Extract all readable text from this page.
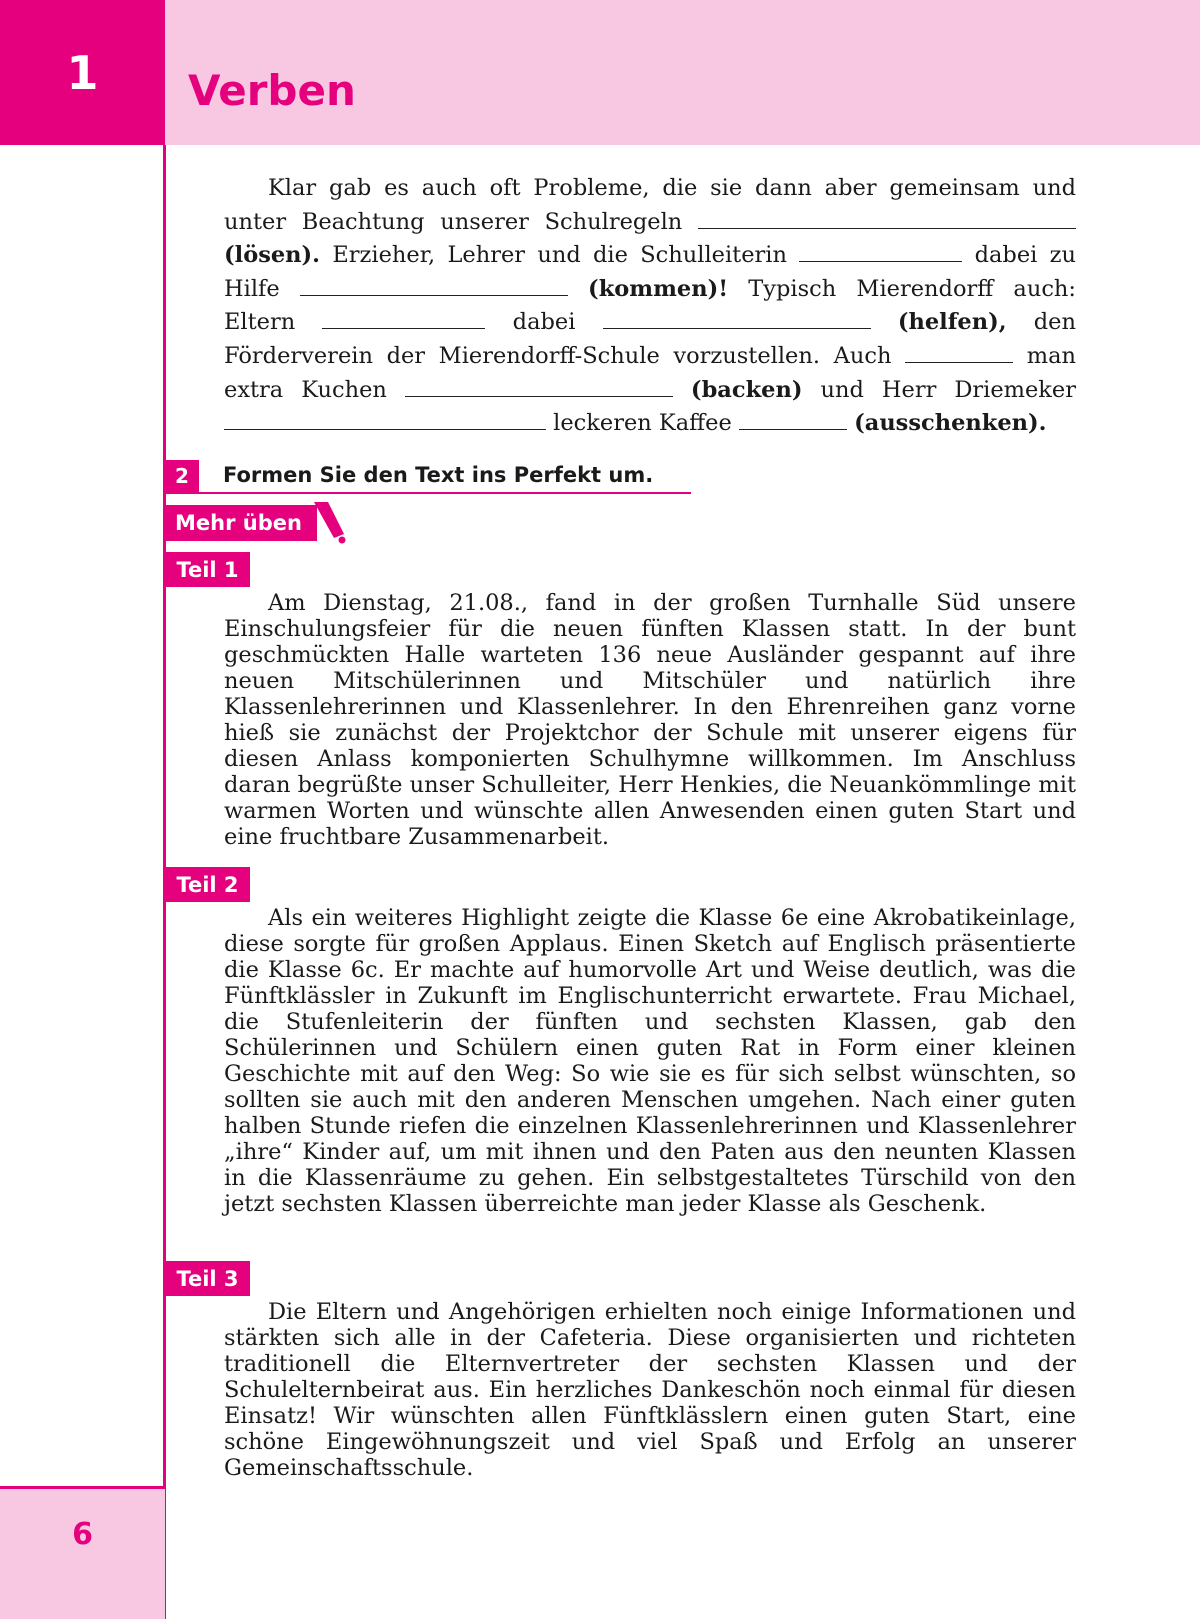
1	Verben

Klar gab es auch oft Probleme, die sie dann aber gemeinsam und unter Beachtung unserer Schulregeln  (lösen). Erzieher, Lehrer und die Schulleiterin	dabei zu Hilfe	(kommen)! Typisch Mierendorff auch: Eltern	dabei	(helfen), den Förderverein der Mierendorff-Schule vorzustellen. Auch	man extra Kuchen	(backen) und Herr Driemeker  leckeren Kaffee	(ausschenken).

2	Formen Sie den Text ins Perfekt um.
Mehr üben
Teil 1

Am Dienstag, 21.08., fand in der großen Turnhalle Süd unsere Einschulungsfeier für die neuen fünften Klassen statt. In der bunt geschmückten Halle warteten 136 neue Ausländer gespannt auf ihre neuen Mitschülerinnen und Mitschüler und natürlich ihre Klassenlehrerinnen und Klassenlehrer. In den Ehrenreihen ganz vorne hieß sie zunächst der Projektchor der Schule mit unserer eigens für diesen Anlass komponierten Schulhymne willkommen. Im Anschluss daran begrüßte unser Schulleiter, Herr Henkies, die Neuankömmlinge mit warmen Worten und wünschte allen Anwesenden einen guten Start und eine fruchtbare Zusammenarbeit.

Teil 2

Als ein weiteres Highlight zeigte die Klasse 6e eine Akrobatikeinlage, diese sorgte für großen Applaus. Einen Sketch auf Englisch präsentierte die Klasse 6c. Er machte auf humorvolle Art und Weise deutlich, was die Fünftklässler in Zukunft im Englischunterricht erwartete. Frau Michael, die Stufenleiterin der fünften und sechsten Klassen, gab den Schülerinnen und Schülern einen guten Rat in Form einer kleinen Geschichte mit auf den Weg: So wie sie es für sich selbst wünschten, so sollten sie auch mit den anderen Menschen umgehen. Nach einer guten halben Stunde riefen die einzelnen Klassenlehrerinnen und Klassenlehrer „ihre“ Kinder auf, um mit ihnen und den Paten aus den neunten Klassen in die Klassenräume zu gehen. Ein selbstgestaltetes Türschild von den jetzt sechsten Klassen überreichte man jeder Klasse als Geschenk.

Teil 3

Die Eltern und Angehörigen erhielten noch einige Informationen und stärkten sich alle in der Cafeteria. Diese organisierten und richteten traditionell die Elternvertreter der sechsten Klassen und der Schulelternbeirat aus. Ein herzliches Dankeschön noch einmal für diesen Einsatz! Wir wünschten allen Fünftklässlern einen guten Start, eine schöne Eingewöhnungszeit und viel Spaß und Erfolg an unserer Gemeinschaftsschule.

6
